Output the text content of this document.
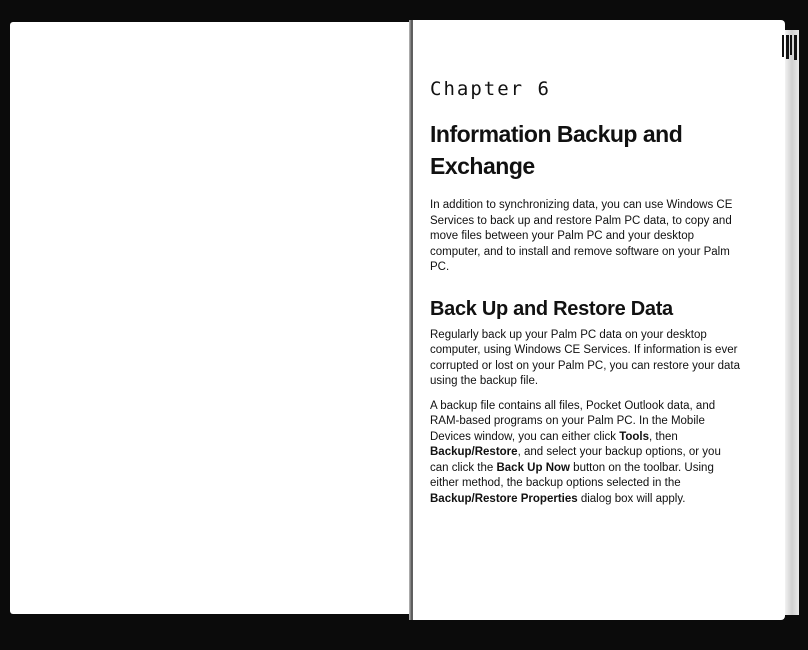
Chapter 6
Information Backup and
Exchange

In addition to synchronizing data, you can use Windows CE Services to back up and restore Palm PC data, to copy and move files between your Palm PC and your desktop computer, and to install and remove software on your Palm PC.

Back Up and Restore Data

Regularly back up your Palm PC data on your desktop computer, using Windows CE Services. If information is ever corrupted or lost on your Palm PC, you can restore your data using the backup file.

A backup file contains all files, Pocket Outlook data, and RAM-based programs on your Palm PC. In the Mobile Devices window, you can either click Tools, then Backup/Restore, and select your backup options, or you can click the Back Up Now button on the toolbar. Using either method, the backup options selected in the Backup/Restore Properties dialog box will apply.
